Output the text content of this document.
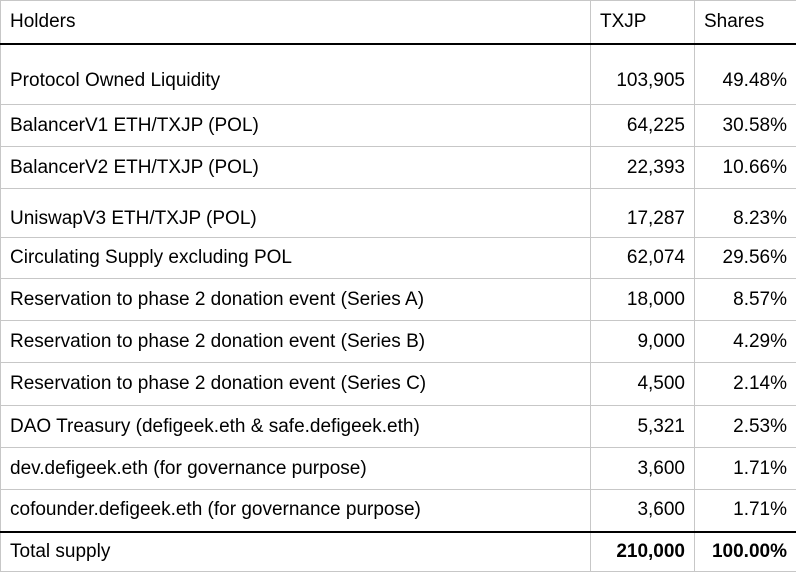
Holders	TXJP	Shares
Protocol Owned Liquidity	103,905	49.48%
BalancerV1 ETH/TXJP (POL)	64,225	30.58%
BalancerV2 ETH/TXJP (POL)	22,393	10.66%
UniswapV3 ETH/TXJP (POL)	17,287	8.23%
Circulating Supply excluding POL	62,074	29.56%
Reservation to phase 2 donation event (Series A)	18,000	8.57%
Reservation to phase 2 donation event (Series B)	9,000	4.29%
Reservation to phase 2 donation event (Series C)	4,500	2.14%
DAO Treasury (defigeek.eth & safe.defigeek.eth)	5,321	2.53%
dev.defigeek.eth (for governance purpose)	3,600	1.71%
cofounder.defigeek.eth (for governance purpose)	3,600	1.71%
Total supply	210,000	100.00%
